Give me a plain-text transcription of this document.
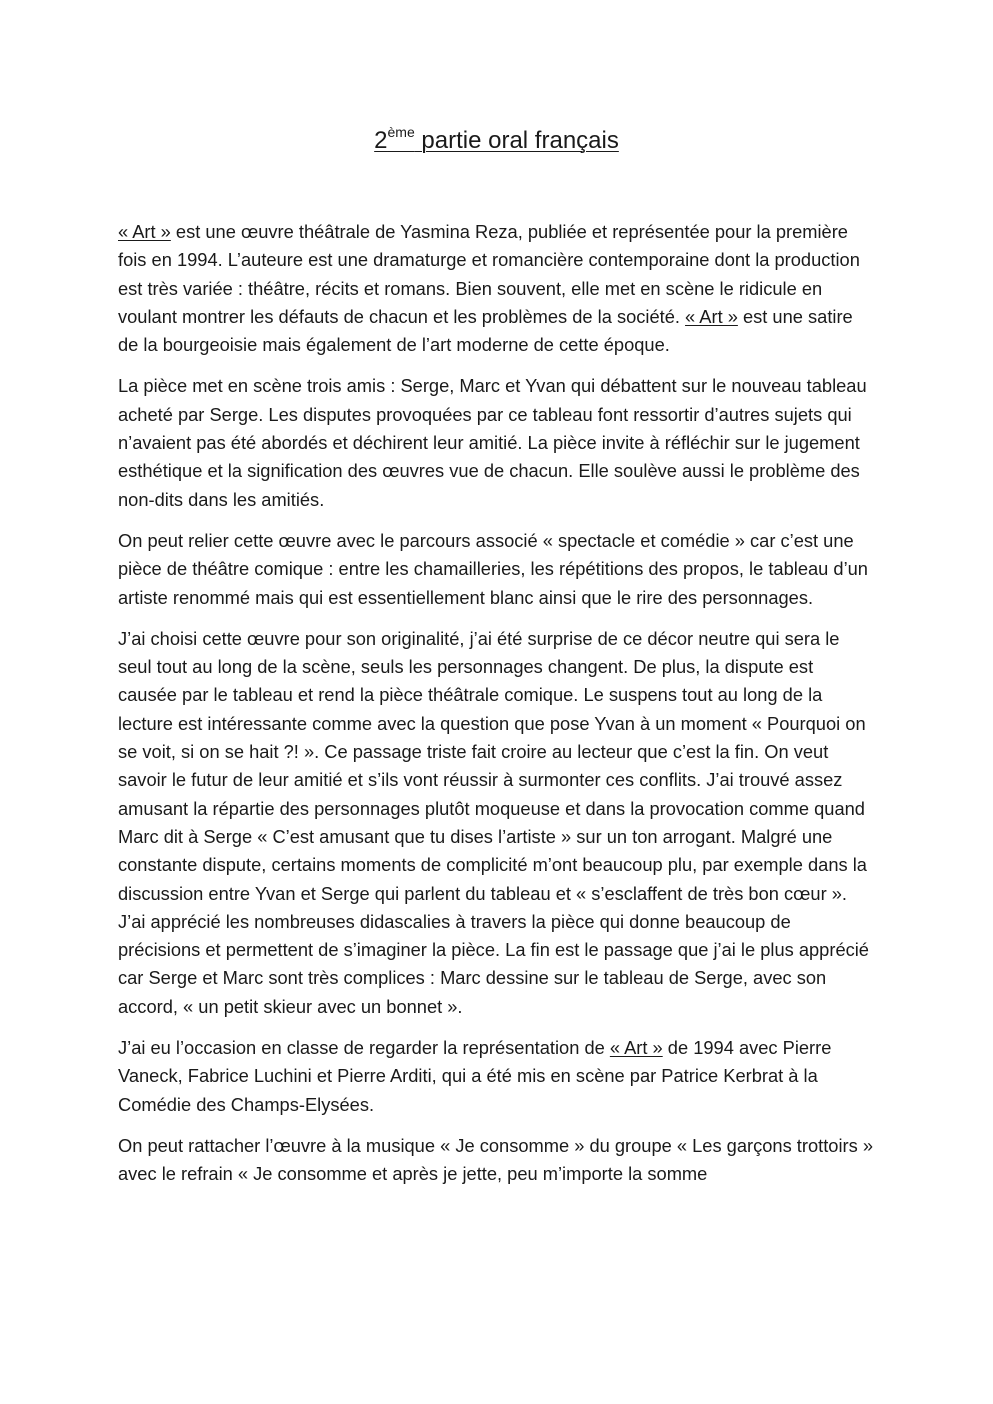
2ème partie oral français

« Art » est une œuvre théâtrale de Yasmina Reza, publiée et représentée pour la première fois en 1994. L’auteure est une dramaturge et romancière contemporaine dont la production est très variée : théâtre, récits et romans. Bien souvent, elle met en scène le ridicule en voulant montrer les défauts de chacun et les problèmes de la société. « Art » est une satire de la bourgeoisie mais également de l’art moderne de cette époque.

La pièce met en scène trois amis : Serge, Marc et Yvan qui débattent sur le nouveau tableau acheté par Serge. Les disputes provoquées par ce tableau font ressortir d’autres sujets qui n’avaient pas été abordés et déchirent leur amitié. La pièce invite à réfléchir sur le jugement esthétique et la signification des œuvres vue de chacun. Elle soulève aussi le problème des non-dits dans les amitiés.

On peut relier cette œuvre avec le parcours associé « spectacle et comédie » car c’est une pièce de théâtre comique : entre les chamailleries, les répétitions des propos, le tableau d’un artiste renommé mais qui est essentiellement blanc ainsi que le rire des personnages.

J’ai choisi cette œuvre pour son originalité, j’ai été surprise de ce décor neutre qui sera le seul tout au long de la scène, seuls les personnages changent. De plus, la dispute est causée par le tableau et rend la pièce théâtrale comique. Le suspens tout au long de la lecture est intéressante comme avec la question que pose Yvan à un moment « Pourquoi on se voit, si on se hait ?! ». Ce passage triste fait croire au lecteur que c’est la fin. On veut savoir le futur de leur amitié et s’ils vont réussir à surmonter ces conflits. J’ai trouvé assez amusant la répartie des personnages plutôt moqueuse et dans la provocation comme quand Marc dit à Serge « C’est amusant que tu dises l’artiste » sur un ton arrogant. Malgré une constante dispute, certains moments de complicité m’ont beaucoup plu, par exemple dans la discussion entre Yvan et Serge qui parlent du tableau et « s’esclaffent de très bon cœur ». J’ai apprécié les nombreuses didascalies à travers la pièce qui donne beaucoup de précisions et permettent de s’imaginer la pièce. La fin est le passage que j’ai le plus apprécié car Serge et Marc sont très complices : Marc dessine sur le tableau de Serge, avec son accord, « un petit skieur avec un bonnet ».

J’ai eu l’occasion en classe de regarder la représentation de « Art » de 1994 avec Pierre Vaneck, Fabrice Luchini et Pierre Arditi, qui a été mis en scène par Patrice Kerbrat à la Comédie des Champs-Elysées.

On peut rattacher l’œuvre à la musique « Je consomme » du groupe « Les garçons trottoirs » avec le refrain « Je consomme et après je jette, peu m’importe la somme
